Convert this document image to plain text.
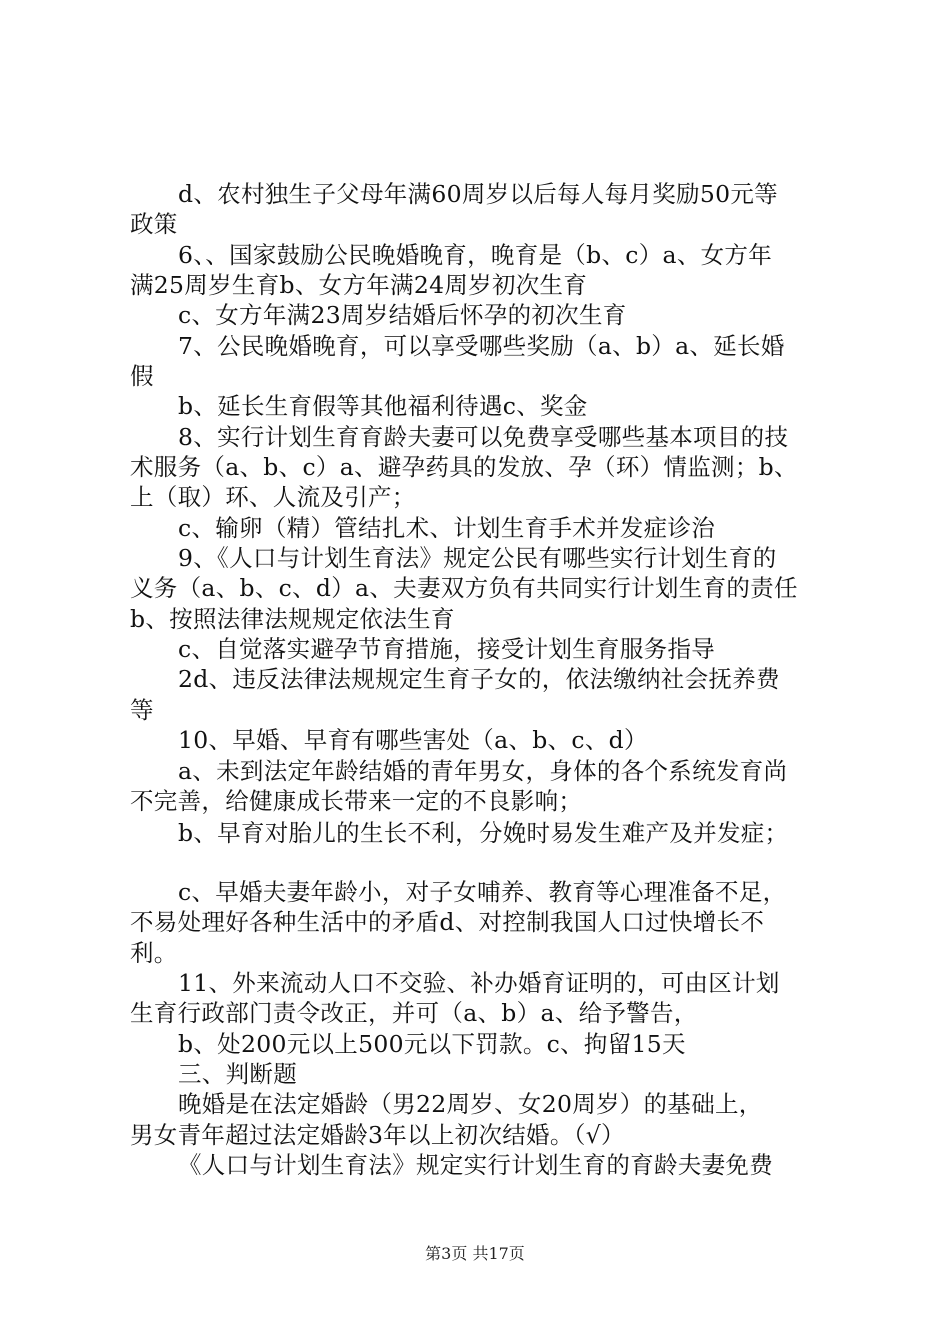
d、农村独生子父母年满60周岁以后每人每月奖励50元等
政策
6、、国家鼓励公民晚婚晚育，晚育是（b、c）a、女方年
满25周岁生育b、女方年满24周岁初次生育
c、女方年满23周岁结婚后怀孕的初次生育
7、公民晚婚晚育，可以享受哪些奖励（a、b）a、延长婚
假
b、延长生育假等其他福利待遇c、奖金
8、实行计划生育育龄夫妻可以免费享受哪些基本项目的技
术服务（a、b、c）a、避孕药具的发放、孕（环）情监测；b、
上（取）环、人流及引产；
c、输卵（精）管结扎术、计划生育手术并发症诊治
9、《人口与计划生育法》规定公民有哪些实行计划生育的
义务（a、b、c、d）a、夫妻双方负有共同实行计划生育的责任
b、按照法律法规规定依法生育
c、自觉落实避孕节育措施，接受计划生育服务指导
2d、违反法律法规规定生育子女的，依法缴纳社会抚养费
等
10、早婚、早育有哪些害处（a、b、c、d）
a、未到法定年龄结婚的青年男女，身体的各个系统发育尚
不完善，给健康成长带来一定的不良影响；
b、早育对胎儿的生长不利，分娩时易发生难产及并发症；
c、早婚夫妻年龄小，对子女哺养、教育等心理准备不足，
不易处理好各种生活中的矛盾d、对控制我国人口过快增长不
利。
11、外来流动人口不交验、补办婚育证明的，可由区计划
生育行政部门责令改正，并可（a、b）a、给予警告，
b、处200元以上500元以下罚款。c、拘留15天
三、判断题
晚婚是在法定婚龄（男22周岁、女20周岁）的基础上，
男女青年超过法定婚龄3年以上初次结婚。（√）
《人口与计划生育法》规定实行计划生育的育龄夫妻免费
第3页 共17页
